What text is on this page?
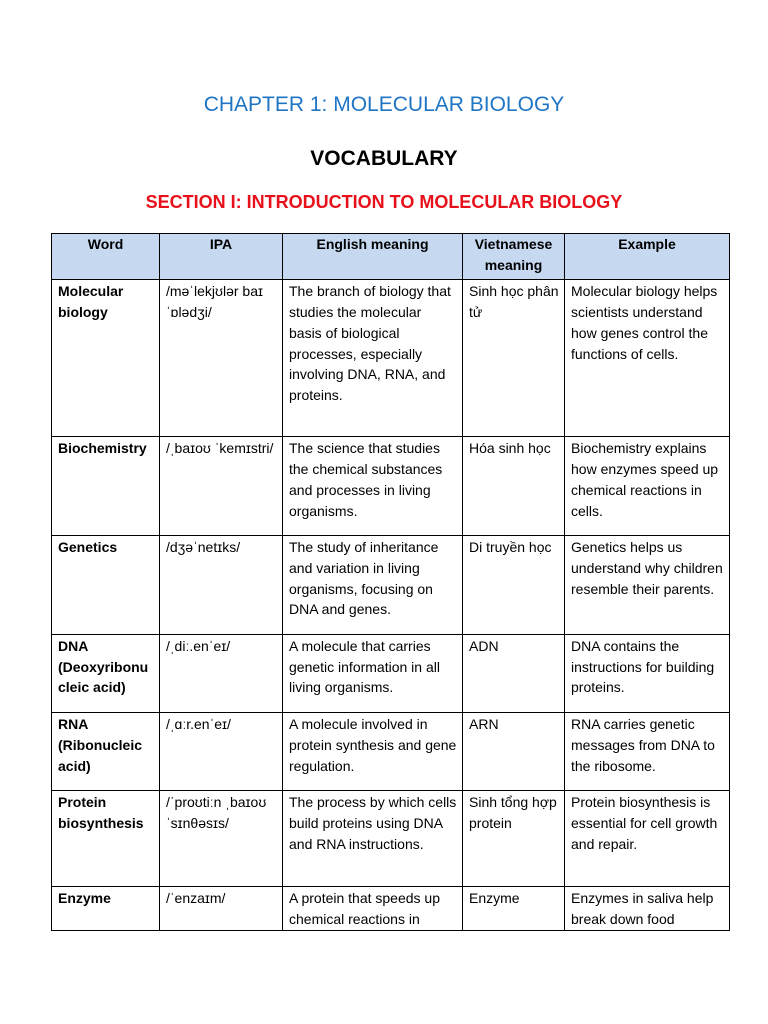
CHAPTER 1: MOLECULAR BIOLOGY
VOCABULARY
SECTION I: INTRODUCTION TO MOLECULAR BIOLOGY
Word	IPA	English meaning	Vietnamese meaning	Example
Molecular biology	/məˈlekjʊlər baɪ ˈɒlədʒi/	The branch of biology that studies the molecular basis of biological processes, especially involving DNA, RNA, and proteins.	Sinh học phân tử	Molecular biology helps scientists understand how genes control the functions of cells.
Biochemistry	/ˌbaɪoʊ ˈkemɪstri/	The science that studies the chemical substances and processes in living organisms.	Hóa sinh học	Biochemistry explains how enzymes speed up chemical reactions in cells.
Genetics	/dʒəˈnetɪks/	The study of inheritance and variation in living organisms, focusing on DNA and genes.	Di truyền học	Genetics helps us understand why children resemble their parents.
DNA (Deoxyribonucleic acid)	/ˌdiː.enˈeɪ/	A molecule that carries genetic information in all living organisms.	ADN	DNA contains the instructions for building proteins.
RNA (Ribonucleic acid)	/ˌɑːr.enˈeɪ/	A molecule involved in protein synthesis and gene regulation.	ARN	RNA carries genetic messages from DNA to the ribosome.
Protein biosynthesis	/ˈproʊtiːn ˌbaɪoʊ ˈsɪnθəsɪs/	The process by which cells build proteins using DNA and RNA instructions.	Sinh tổng hợp protein	Protein biosynthesis is essential for cell growth and repair.
Enzyme	/ˈenzaɪm/	A protein that speeds up chemical reactions in	Enzyme	Enzymes in saliva help break down food
